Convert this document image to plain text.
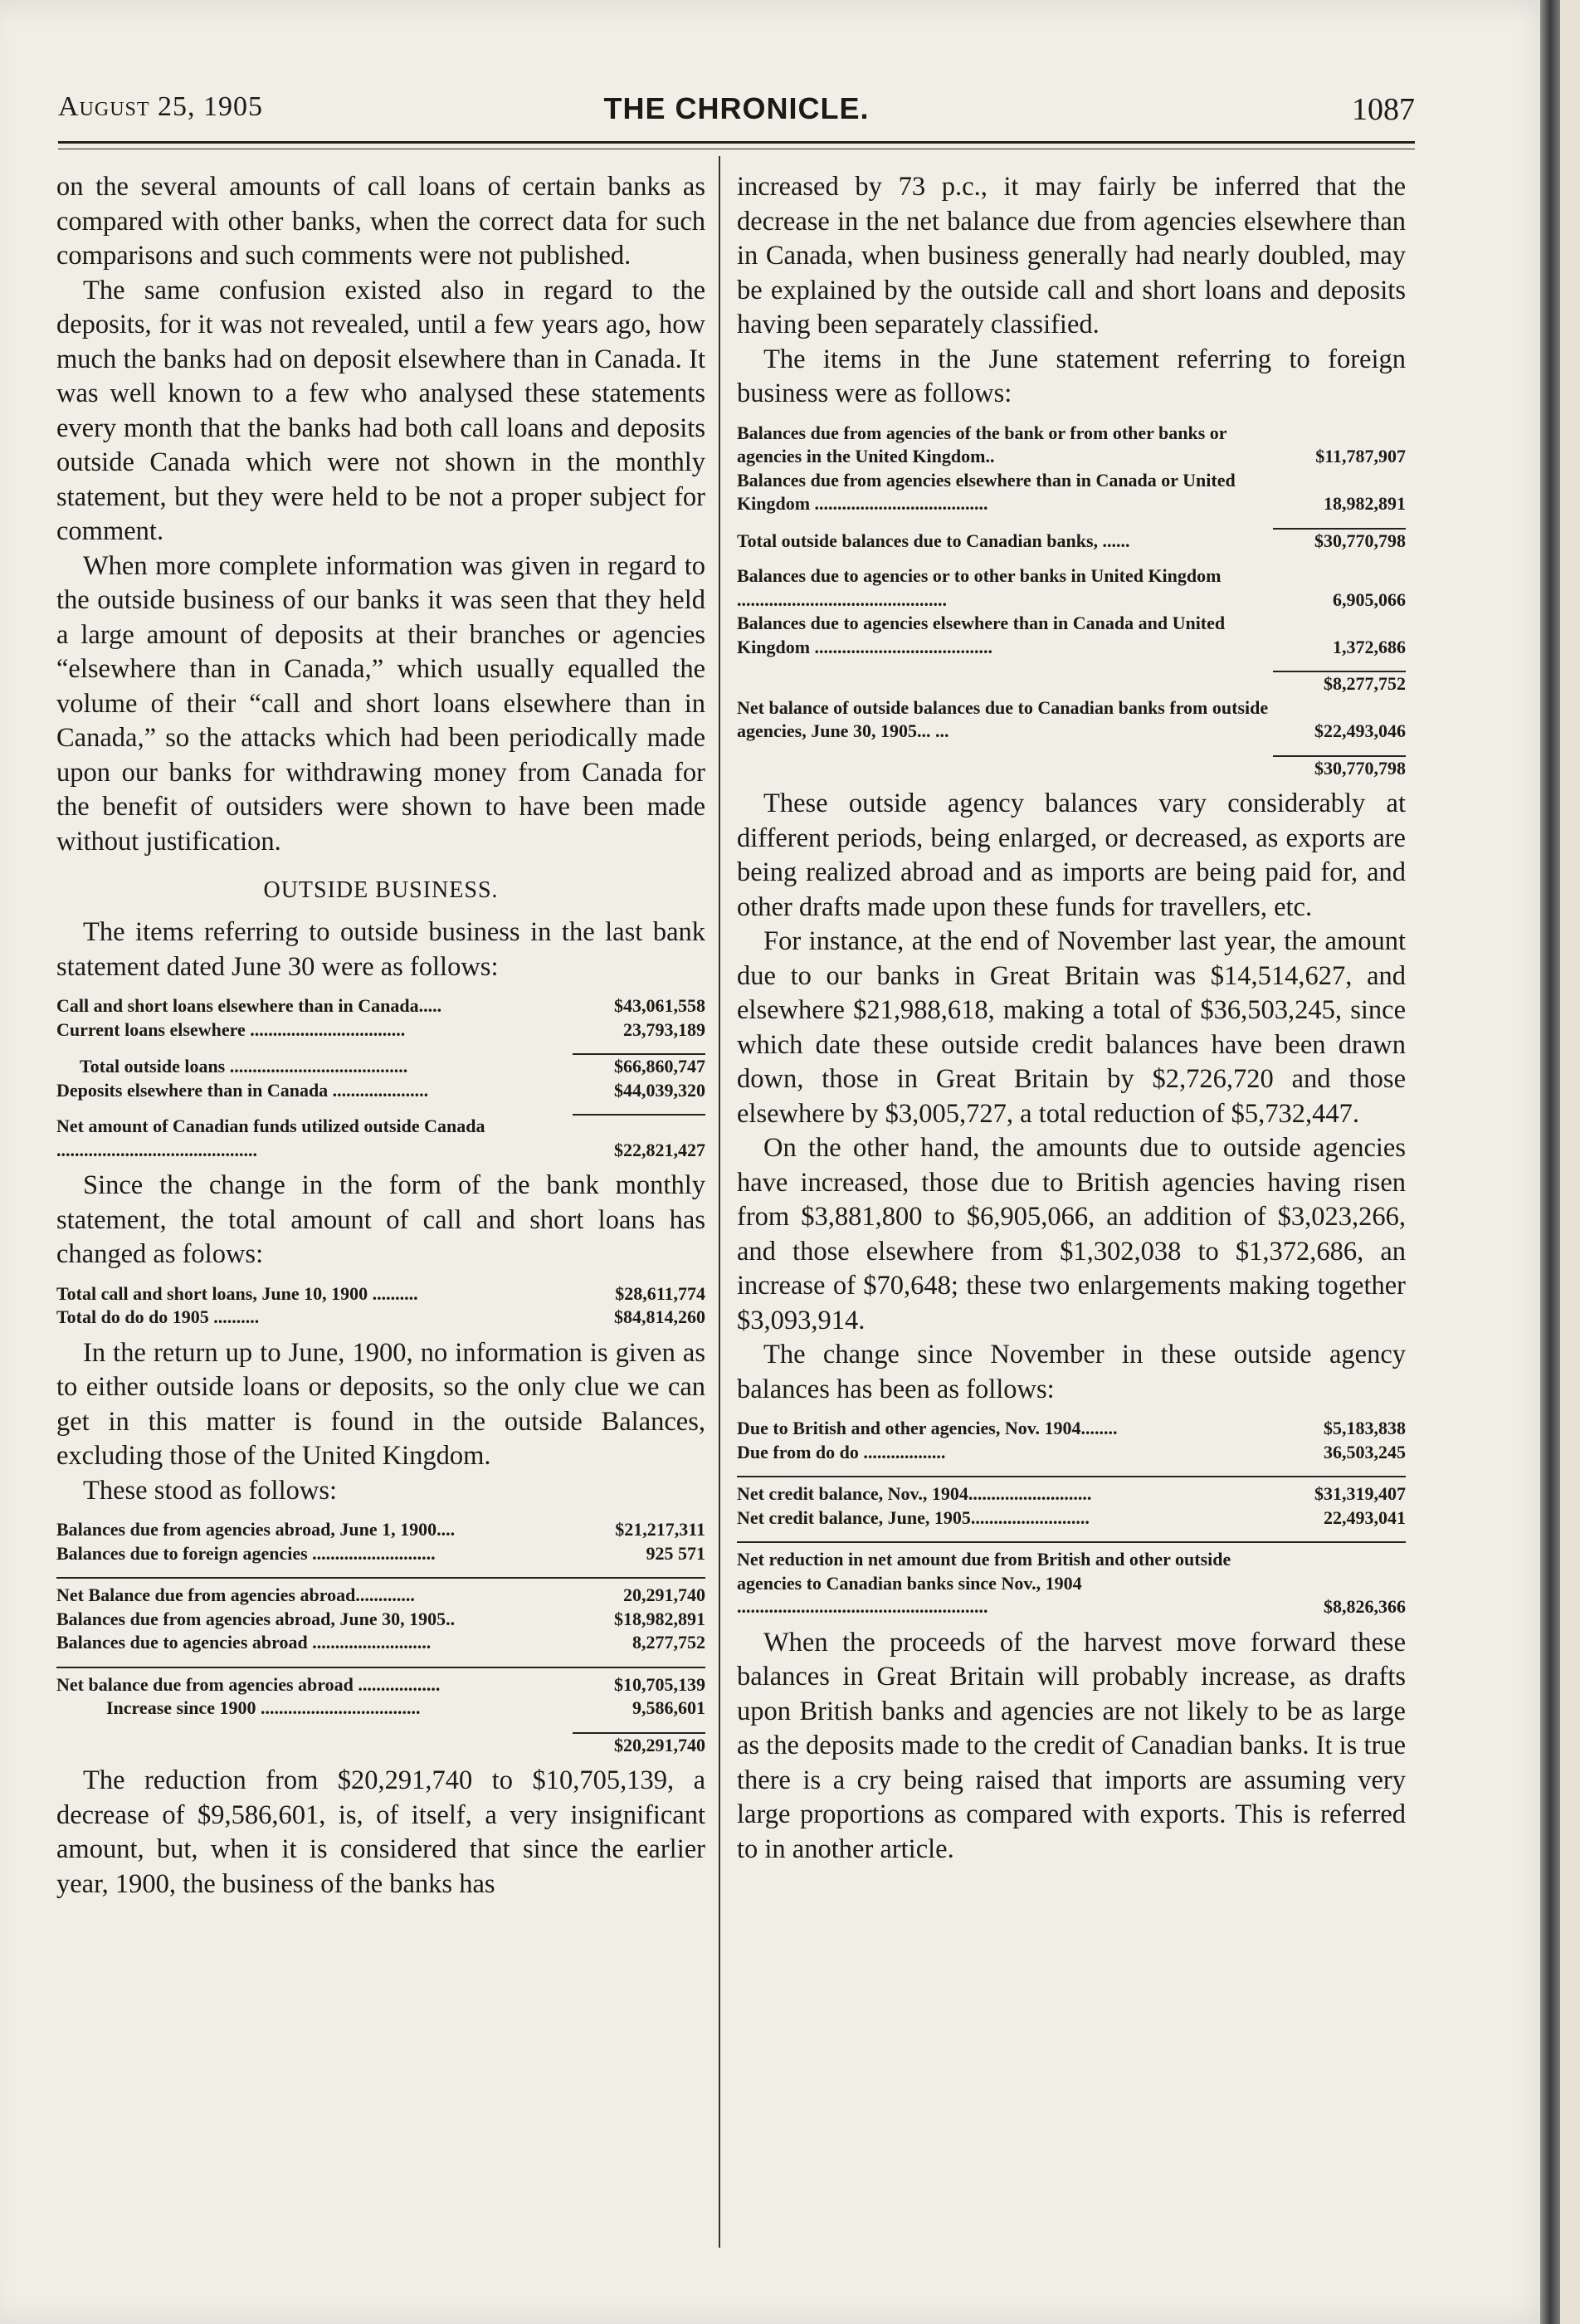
August 25, 1905	THE CHRONICLE.	1087

on the several amounts of call loans of certain banks as compared with other banks, when the correct data for such comparisons and such comments were not published.

The same confusion existed also in regard to the deposits, for it was not revealed, until a few years ago, how much the banks had on deposit elsewhere than in Canada. It was well known to a few who analysed these statements every month that the banks had both call loans and deposits outside Canada which were not shown in the monthly statement, but they were held to be not a proper subject for comment.

When more complete information was given in regard to the outside business of our banks it was seen that they held a large amount of deposits at their branches or agencies “elsewhere than in Canada,” which usually equalled the volume of their “call and short loans elsewhere than in Canada,” so the attacks which had been periodically made upon our banks for withdrawing money from Canada for the benefit of outsiders were shown to have been made without justification.

OUTSIDE BUSINESS.

The items referring to outside business in the last bank statement dated June 30 were as follows:

Call and short loans elsewhere than in Canada.....	$43,061,558
Current loans elsewhere ..................................	23,793,189

Total outside loans .......................................	$66,860,747
Deposits elsewhere than in Canada .....................	$44,039,320

Net amount of Canadian funds utilized outside Canada ............................................	$22,821,427

Since the change in the form of the bank monthly statement, the total amount of call and short loans has changed as folows:

Total call and short loans, June 10, 1900 ..........	$28,611,774
Total do do do 1905 ..........	$84,814,260

In the return up to June, 1900, no information is given as to either outside loans or deposits, so the only clue we can get in this matter is found in the outside Balances, excluding those of the United Kingdom.

These stood as follows:

Balances due from agencies abroad, June 1, 1900....	$21,217,311
Balances due to foreign agencies ...........................	925 571

Net Balance due from agencies abroad.............	20,291,740
Balances due from agencies abroad, June 30, 1905..	$18,982,891
Balances due to agencies abroad ..........................	8,277,752

Net balance due from agencies abroad ..................	$10,705,139
Increase since 1900 ...................................	9,586,601

	$20,291,740

The reduction from $20,291,740 to $10,705,139, a decrease of $9,586,601, is, of itself, a very insignificant amount, but, when it is considered that since the earlier year, 1900, the business of the banks has

increased by 73 p.c., it may fairly be inferred that the decrease in the net balance due from agencies elsewhere than in Canada, when business generally had nearly doubled, may be explained by the outside call and short loans and deposits having been separately classified.

The items in the June statement referring to foreign business were as follows:

Balances due from agencies of the bank or from other banks or agencies in the United Kingdom..	$11,787,907
Balances due from agencies elsewhere than in Canada or United Kingdom ......................................	18,982,891

Total outside balances due to Canadian banks, ......	$30,770,798

Balances due to agencies or to other banks in United Kingdom ..............................................	6,905,066
Balances due to agencies elsewhere than in Canada and United Kingdom .......................................	1,372,686

	$8,277,752
Net balance of outside balances due to Canadian banks from outside agencies, June 30, 1905... ...	$22,493,046

	$30,770,798

These outside agency balances vary considerably at different periods, being enlarged, or decreased, as exports are being realized abroad and as imports are being paid for, and other drafts made upon these funds for travellers, etc.

For instance, at the end of November last year, the amount due to our banks in Great Britain was $14,514,627, and elsewhere $21,988,618, making a total of $36,503,245, since which date these outside credit balances have been drawn down, those in Great Britain by $2,726,720 and those elsewhere by $3,005,727, a total reduction of $5,732,447.

On the other hand, the amounts due to outside agencies have increased, those due to British agencies having risen from $3,881,800 to $6,905,066, an addition of $3,023,266, and those elsewhere from $1,302,038 to $1,372,686, an increase of $70,648; these two enlargements making together $3,093,914.

The change since November in these outside agency balances has been as follows:

Due to British and other agencies, Nov. 1904........	$5,183,838
Due from do do ..................	36,503,245

Net credit balance, Nov., 1904...........................	$31,319,407
Net credit balance, June, 1905..........................	22,493,041

Net reduction in net amount due from British and other outside agencies to Canadian banks since Nov., 1904 .......................................................	$8,826,366

When the proceeds of the harvest move forward these balances in Great Britain will probably increase, as drafts upon British banks and agencies are not likely to be as large as the deposits made to the credit of Canadian banks. It is true there is a cry being raised that imports are assuming very large proportions as compared with exports. This is referred to in another article.
